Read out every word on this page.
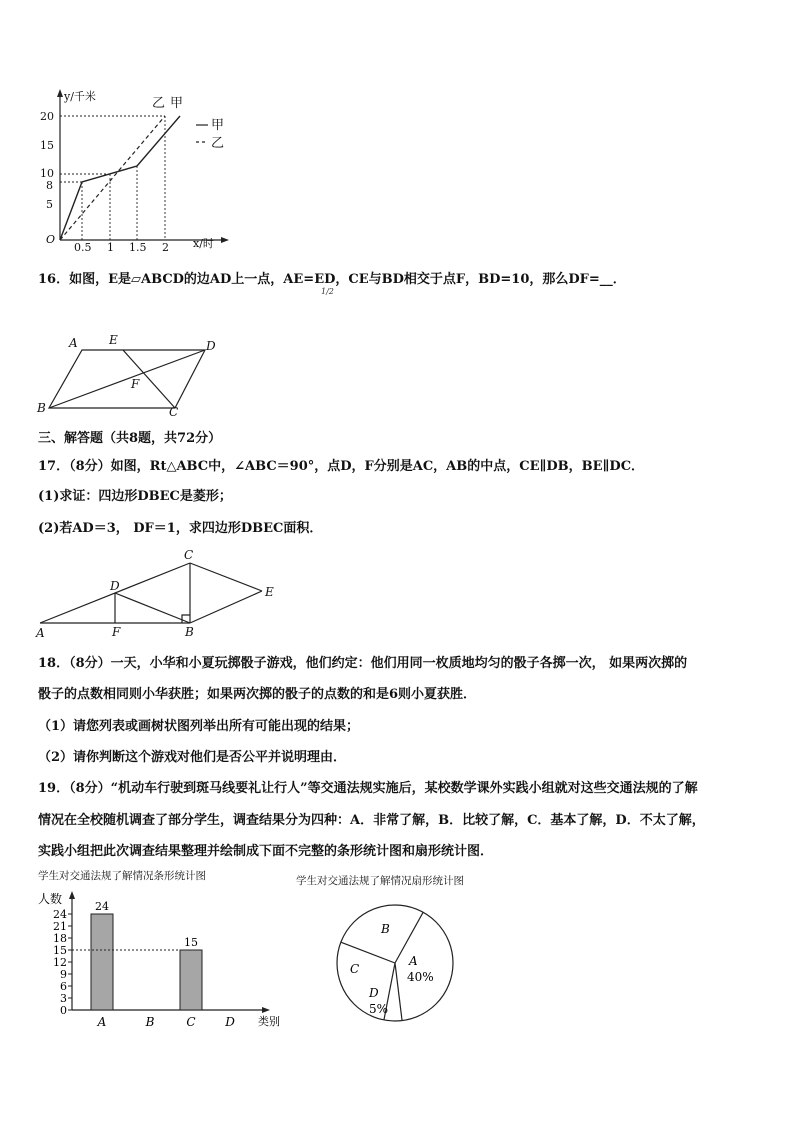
y/千米
x/时
O
20
15
10
8
5
0.5 1 1.5 2
乙 甲
甲
乙
16．如图，E是▱ABCD的边AD上一点，AE=ED，CE与BD相交于点F，BD=10，那么DF=__．
1/2
A	E	D
F
B	C
三、解答题（共8题，共72分）
17．（8分）如图，Rt△ABC中，∠ABC＝90°，点D，F分别是AC，AB的中点，CE∥DB，BE∥DC．
(1)求证：四边形DBEC是菱形；
(2)若AD＝3， DF＝1，求四边形DBEC面积．
C
D	E
A	F	B
18．（8分）一天，小华和小夏玩掷骰子游戏，他们约定：他们用同一枚质地均匀的骰子各掷一次， 如果两次掷的
骰子的点数相同则小华获胜；如果两次掷的骰子的点数的和是6则小夏获胜．
（1）请您列表或画树状图列举出所有可能出现的结果；
（2）请你判断这个游戏对他们是否公平并说明理由．
19．（8分）“机动车行驶到斑马线要礼让行人”等交通法规实施后，某校数学课外实践小组就对这些交通法规的了解
情况在全校随机调查了部分学生，调查结果分为四种：A．非常了解，B．比较了解，C．基本了解，D．不太了解，
实践小组把此次调查结果整理并绘制成下面不完整的条形统计图和扇形统计图．
学生对交通法规了解情况条形统计图	学生对交通法规了解情况扇形统计图
人数
类别
0
3
6
9
12
15
18
21
24
24
A	B
15
C D
A
B
C
D
40%
5%
